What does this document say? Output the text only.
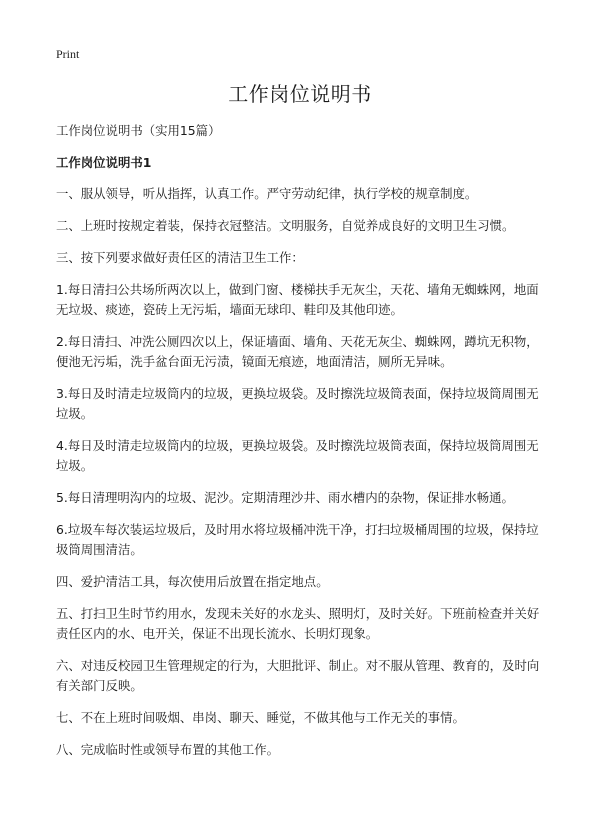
Print
工作岗位说明书

工作岗位说明书（实用15篇）

工作岗位说明书1

一、服从领导，听从指挥，认真工作。严守劳动纪律，执行学校的规章制度。

二、上班时按规定着装，保持衣冠整洁。文明服务，自觉养成良好的文明卫生习惯。

三、按下列要求做好责任区的清洁卫生工作：

1.每日清扫公共场所两次以上，做到门窗、楼梯扶手无灰尘，天花、墙角无蜘蛛网，地面无垃圾、痰迹，瓷砖上无污垢，墙面无球印、鞋印及其他印迹。

2.每日清扫、冲洗公厕四次以上，保证墙面、墙角、天花无灰尘、蜘蛛网，蹲坑无积物，便池无污垢，洗手盆台面无污渍，镜面无痕迹，地面清洁，厕所无异味。

3.每日及时清走垃圾筒内的垃圾，更换垃圾袋。及时擦洗垃圾筒表面，保持垃圾筒周围无垃圾。

4.每日及时清走垃圾筒内的垃圾，更换垃圾袋。及时擦洗垃圾筒表面，保持垃圾筒周围无垃圾。

5.每日清理明沟内的垃圾、泥沙。定期清理沙井、雨水槽内的杂物，保证排水畅通。

6.垃圾车每次装运垃圾后，及时用水将垃圾桶冲洗干净，打扫垃圾桶周围的垃圾，保持垃圾筒周围清洁。

四、爱护清洁工具，每次使用后放置在指定地点。

五、打扫卫生时节约用水，发现未关好的水龙头、照明灯，及时关好。下班前检查并关好责任区内的水、电开关，保证不出现长流水、长明灯现象。

六、对违反校园卫生管理规定的行为，大胆批评、制止。对不服从管理、教育的，及时向有关部门反映。

七、不在上班时间吸烟、串岗、聊天、睡觉，不做其他与工作无关的事情。

八、完成临时性或领导布置的其他工作。
